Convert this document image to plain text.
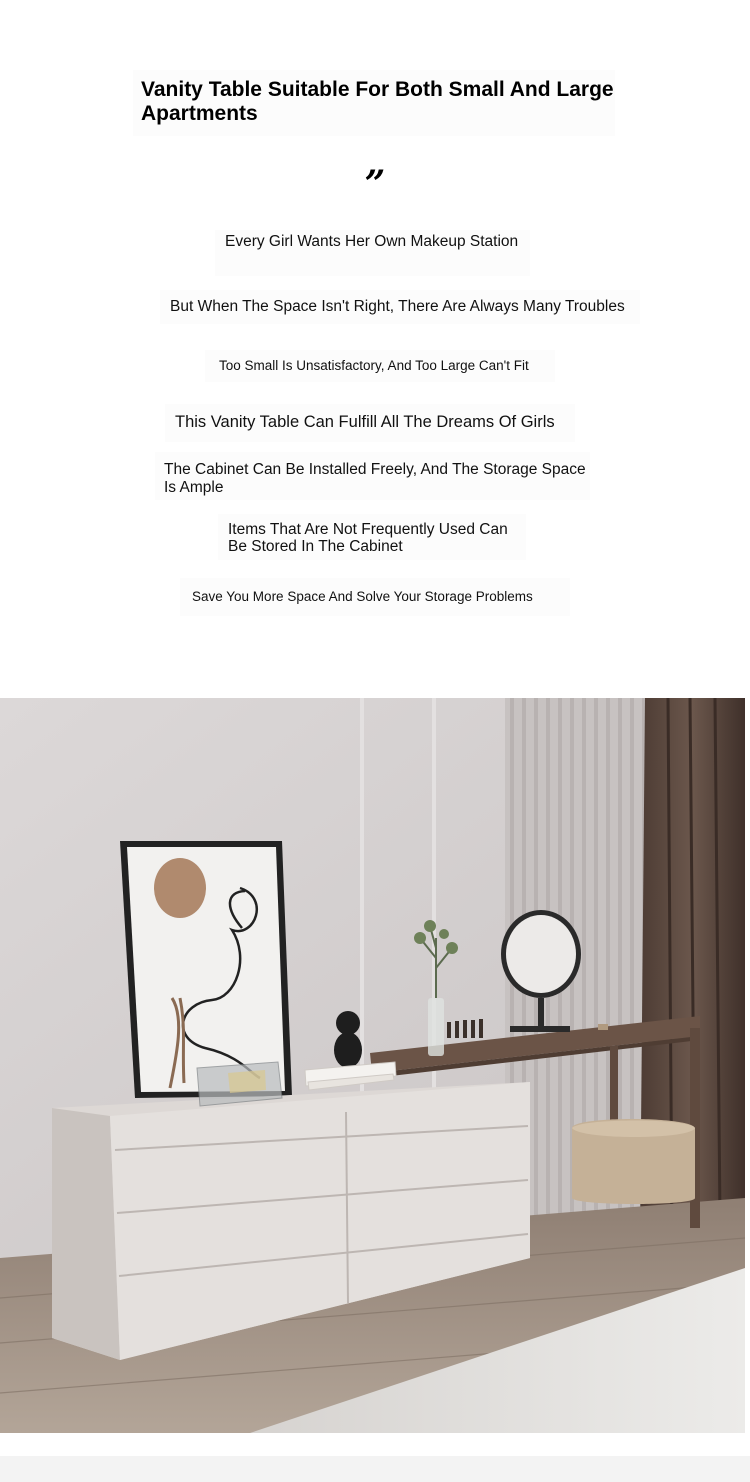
Vanity Table Suitable For Both Small And Large Apartments
”
Every Girl Wants Her Own Makeup Station
But When The Space Isn't Right, There Are Always Many Troubles
Too Small Is Unsatisfactory, And Too Large Can't Fit
This Vanity Table Can Fulfill All The Dreams Of Girls
The Cabinet Can Be Installed Freely, And The Storage Space Is Ample
Items That Are Not Frequently Used Can Be Stored In The Cabinet
Save You More Space And Solve Your Storage Problems
